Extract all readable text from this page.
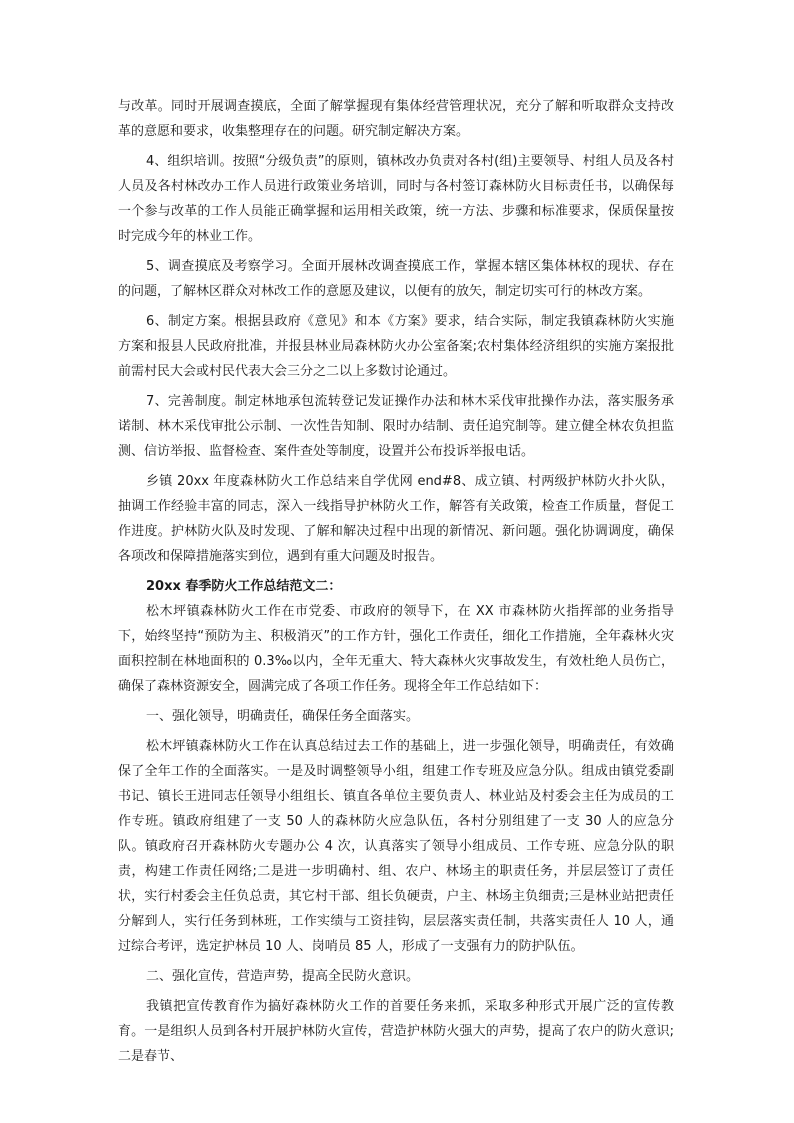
与改革。同时开展调查摸底，全面了解掌握现有集体经营管理状况，充分了解和听取群众支持改革的意愿和要求，收集整理存在的问题。研究制定解决方案。

4、组织培训。按照“分级负责”的原则，镇林改办负责对各村(组)主要领导、村组人员及各村人员及各村林改办工作人员进行政策业务培训，同时与各村签订森林防火目标责任书，以确保每一个参与改革的工作人员能正确掌握和运用相关政策，统一方法、步骤和标准要求，保质保量按时完成今年的林业工作。

5、调查摸底及考察学习。全面开展林改调查摸底工作，掌握本辖区集体林权的现状、存在的问题，了解林区群众对林改工作的意愿及建议，以便有的放矢，制定切实可行的林改方案。

6、制定方案。根据县政府《意见》和本《方案》要求，结合实际，制定我镇森林防火实施方案和报县人民政府批准，并报县林业局森林防火办公室备案;农村集体经济组织的实施方案报批前需村民大会或村民代表大会三分之二以上多数讨论通过。

7、完善制度。制定林地承包流转登记发证操作办法和林木采伐审批操作办法，落实服务承诺制、林木采伐审批公示制、一次性告知制、限时办结制、责任追究制等。建立健全林农负担监测、信访举报、监督检查、案件查处等制度，设置并公布投诉举报电话。

乡镇 20xx 年度森林防火工作总结来自学优网 end#8、成立镇、村两级护林防火扑火队，抽调工作经验丰富的同志，深入一线指导护林防火工作，解答有关政策，检查工作质量，督促工作进度。护林防火队及时发现、了解和解决过程中出现的新情况、新问题。强化协调调度，确保各项改和保障措施落实到位，遇到有重大问题及时报告。

20xx 春季防火工作总结范文二：

松木坪镇森林防火工作在市党委、市政府的领导下，在 XX 市森林防火指挥部的业务指导下，始终坚持“预防为主、积极消灭”的工作方针，强化工作责任，细化工作措施，全年森林火灾面积控制在林地面积的 0.3‰以内，全年无重大、特大森林火灾事故发生，有效杜绝人员伤亡，确保了森林资源安全，圆满完成了各项工作任务。现将全年工作总结如下：

一、强化领导，明确责任，确保任务全面落实。

松木坪镇森林防火工作在认真总结过去工作的基础上，进一步强化领导，明确责任，有效确保了全年工作的全面落实。一是及时调整领导小组，组建工作专班及应急分队。组成由镇党委副书记、镇长王进同志任领导小组组长、镇直各单位主要负责人、林业站及村委会主任为成员的工作专班。镇政府组建了一支 50 人的森林防火应急队伍，各村分别组建了一支 30 人的应急分队。镇政府召开森林防火专题办公 4 次，认真落实了领导小组成员、工作专班、应急分队的职责，构建工作责任网络;二是进一步明确村、组、农户、林场主的职责任务，并层层签订了责任状，实行村委会主任负总责，其它村干部、组长负硬责，户主、林场主负细责;三是林业站把责任分解到人，实行任务到林班，工作实绩与工资挂钩，层层落实责任制，共落实责任人 10 人，通过综合考评，选定护林员 10 人、岗哨员 85 人，形成了一支强有力的防护队伍。

二、强化宣传，营造声势，提高全民防火意识。

我镇把宣传教育作为搞好森林防火工作的首要任务来抓，采取多种形式开展广泛的宣传教育。一是组织人员到各村开展护林防火宣传，营造护林防火强大的声势，提高了农户的防火意识;二是春节、
